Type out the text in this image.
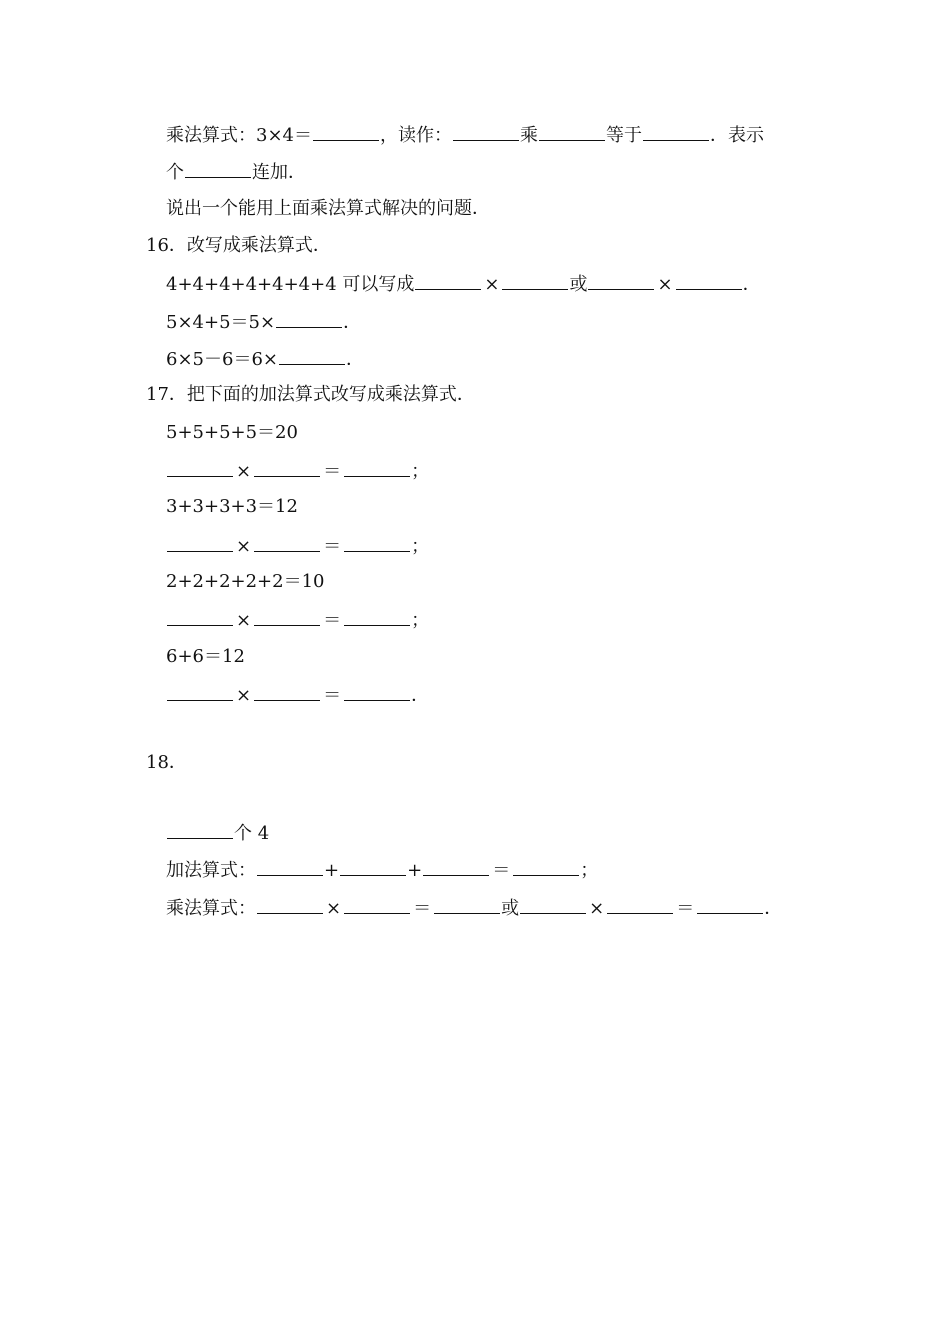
乘法算式：3×4＝	，读作：	乘	等于	．表示
个	连加．
说出一个能用上面乘法算式解决的问题．
16．改写成乘法算式．
4+4+4+4+4+4+4 可以写成	×	或	×	．
5×4+5＝5×	．
6×5－6＝6×	．
17．把下面的加法算式改写成乘法算式．
5+5+5+5＝20
×	＝	；
3+3+3+3＝12
×	＝	；
2+2+2+2+2＝10
×	＝	；
6+6＝12
×	＝	．
18．
个 4
加法算式：	+	+	＝	；
乘法算式：	×	＝	或	×	＝	．
